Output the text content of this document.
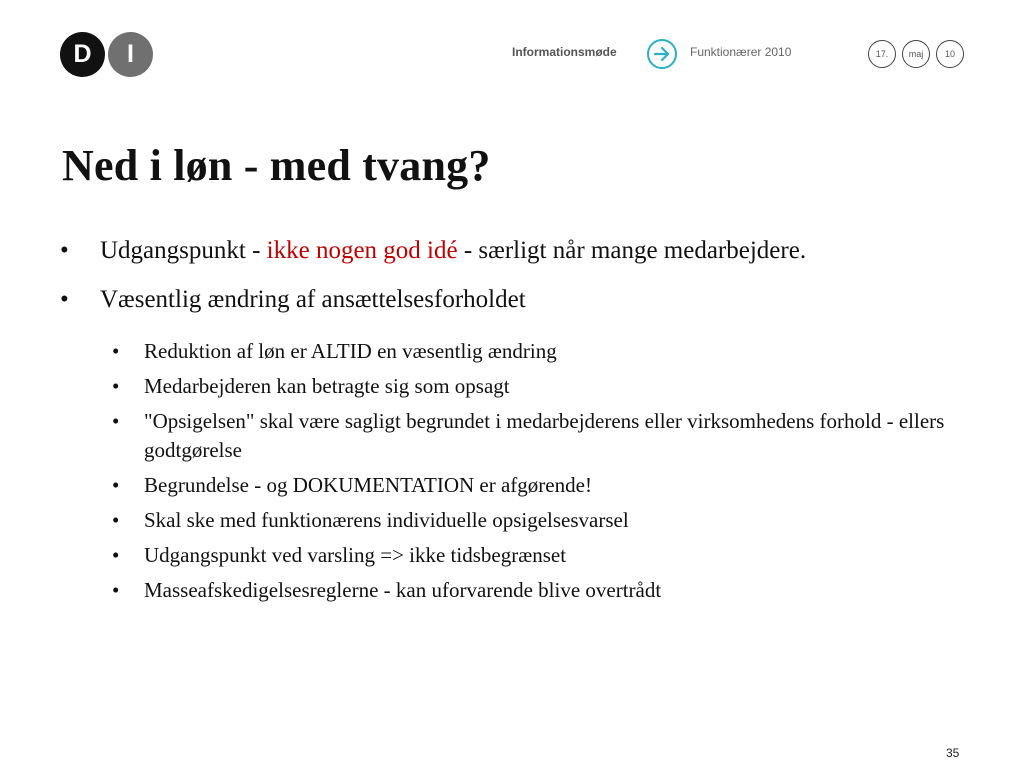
D	I	Informationsmøde	Funktionærer 2010	17.	maj	10
Ned i løn - med tvang?
• Udgangspunkt - ikke nogen god idé - særligt når mange medarbejdere.
• Væsentlig ændring af ansættelsesforholdet
• Reduktion af løn er ALTID en væsentlig ændring
• Medarbejderen kan betragte sig som opsagt
• "Opsigelsen" skal være sagligt begrundet i medarbejderens eller virksomhedens forhold - ellers godtgørelse
• Begrundelse - og DOKUMENTATION er afgørende!
• Skal ske med funktionærens individuelle opsigelsesvarsel
• Udgangspunkt ved varsling => ikke tidsbegrænset
• Masseafskedigelsesreglerne - kan uforvarende blive overtrådt
35
